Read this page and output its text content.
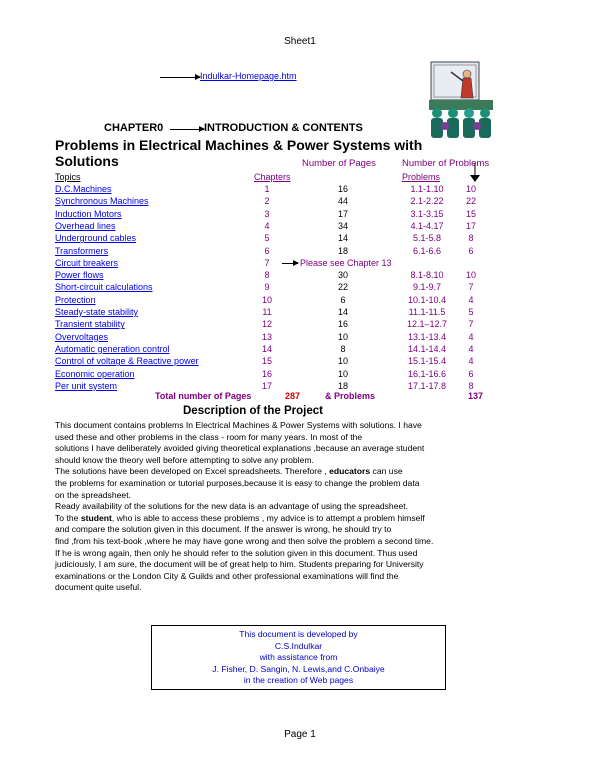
Sheet1
Indulkar-Homepage.htm
CHAPTER0	INTRODUCTION & CONTENTS
Problems in Electrical Machines & Power Systems with
Solutions	Number of Pages	Number of Problems
Topics	Chapters	Problems
D.C.Machines	1	16	1.1-1.10 10
Synchronous Machines	2	44	2.1-2.22 22
Induction Motors	3	17	3.1-3.15 15
Overhead lines	4	34	4.1-4.17 17
Underground cables	5	14	5.1-5.8	8
Transformers	6	18	6.1-6.6	6
Circuit breakers	7	Please see Chapter 13
Power flows	8	30	8.1-8.10 10
Short-circuit calculations	9	22	9.1-9.7	7
Protection	10	6	10.1-10.4 4
Steady-state stability	11	14	11.1-11.5	5
Transient stability	12	16	12.1–12.7 7
Overvoltages	13	10	13.1-13.4 4
Automatic generation control	14	8	14.1-14.4 4
Control of voltage & Reactive power	15	10	15.1-15.4 4
Economic operation	16	10	16.1-16.6 6
Per unit system	17	18	17.1-17.8 8
Total number of Pages	287	& Problems	137
Description of the Project
This document contains problems In Electrical Machines & Power Systems with solutions. I have
used these and other problems in the class - room for many years. In most of the
solutions I have deliberately avoided giving theoretical explanations ,because an average student
should know the theory well before attempting to solve any problem.
The solutions have been developed on Excel spreadsheets. Therefore , educators can use
the problems for examination or tutorial purposes,because it is easy to change the problem data
on the spreadsheet.
Ready availability of the solutions for the new data is an advantage of using the spreadsheet.
To the student, who is able to access these problems , my advice is to attempt a problem himself
and compare the solution given in this document. If the answer is wrong, he should try to
find ,from his text-book ,where he may have gone wrong and then solve the problem a second time.
If he is wrong again, then only he should refer to the solution given in this document. Thus used
judiciously, I am sure, the document will be of great help to him. Students preparing for University
examinations or the London City & Guilds and other professional examinations will find the
document quite useful.
This document is developed by
C.S.Indulkar
with assistance from
J. Fisher, D. Sangin, N. Lewis,and C.Onbaiye
in the creation of Web pages
Page 1
